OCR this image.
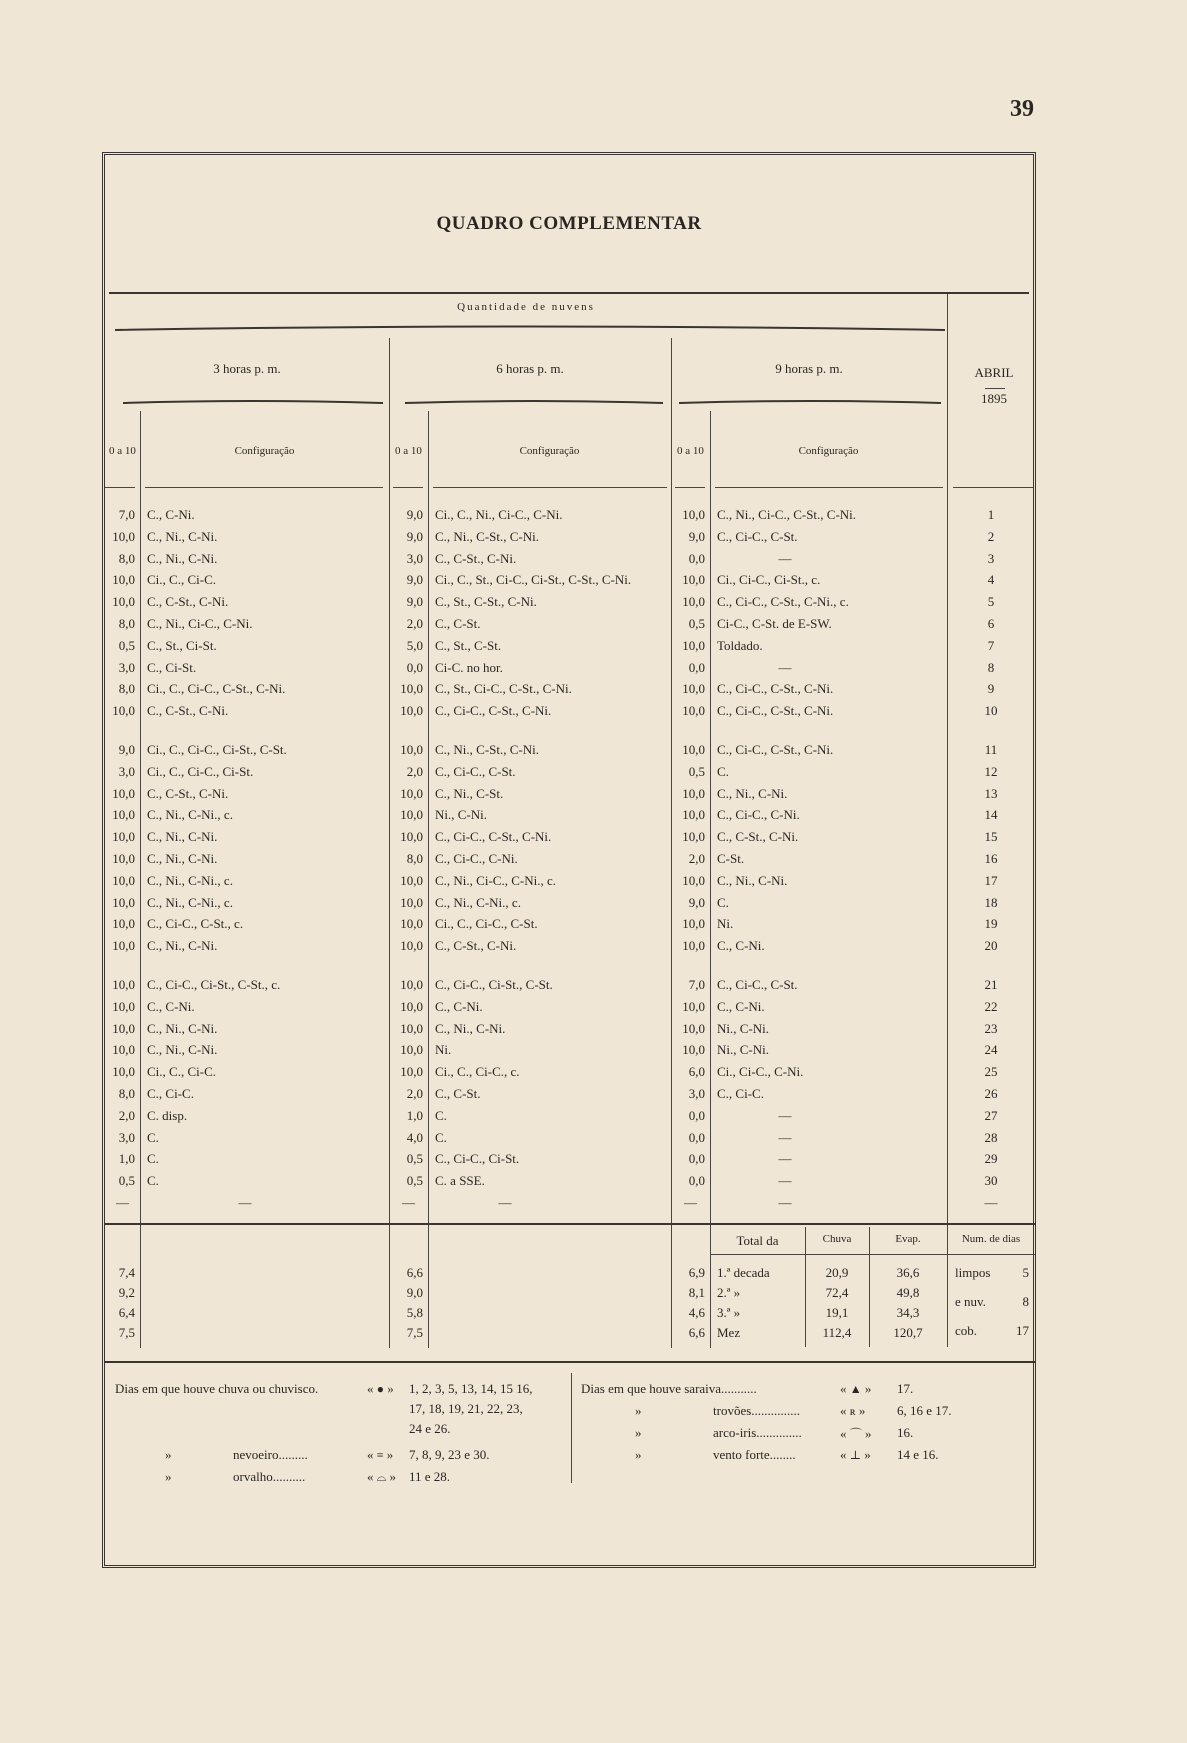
39
QUADRO COMPLEMENTAR
Quantidade de nuvens
ABRIL
1895
3 horas p. m.	6 horas p. m.	9 horas p. m.
0 a 10	Configuração	0 a 10	Configuração	0 a 10	Configuração
7,0 C., C-Ni.	9,0 Ci., C., Ni., Ci-C., C-Ni.	10,0 C., Ni., Ci-C., C-St., C-Ni.	1
10,0 C., Ni., C-Ni.	9,0 C., Ni., C-St., C-Ni.	9,0 C., Ci-C., C-St.	2
8,0 C., Ni., C-Ni.	3,0 C., C-St., C-Ni.	0,0	—	3
10,0 Ci., C., Ci-C.	9,0 Ci., C., St., Ci-C., Ci-St., C-St., C-Ni.	10,0 Ci., Ci-C., Ci-St., c.	4
10,0 C., C-St., C-Ni.	9,0 C., St., C-St., C-Ni.	10,0 C., Ci-C., C-St., C-Ni., c.	5
8,0 C., Ni., Ci-C., C-Ni.	2,0 C., C-St.	0,5 Ci-C., C-St. de E-SW.	6
0,5 C., St., Ci-St.	5,0 C., St., C-St.	10,0 Toldado.	7
3,0 C., Ci-St.	0,0 Ci-C. no hor.	0,0	—	8
8,0 Ci., C., Ci-C., C-St., C-Ni.	10,0 C., St., Ci-C., C-St., C-Ni.	10,0 C., Ci-C., C-St., C-Ni.	9
10,0 C., C-St., C-Ni.	10,0 C., Ci-C., C-St., C-Ni.	10,0 C., Ci-C., C-St., C-Ni.	10
9,0 Ci., C., Ci-C., Ci-St., C-St.	10,0 C., Ni., C-St., C-Ni.	10,0 C., Ci-C., C-St., C-Ni.	11
3,0 Ci., C., Ci-C., Ci-St.	2,0 C., Ci-C., C-St.	0,5 C.	12
10,0 C., C-St., C-Ni.	10,0 C., Ni., C-St.	10,0 C., Ni., C-Ni.	13
10,0 C., Ni., C-Ni., c.	10,0 Ni., C-Ni.	10,0 C., Ci-C., C-Ni.	14
10,0 C., Ni., C-Ni.	10,0 C., Ci-C., C-St., C-Ni.	10,0 C., C-St., C-Ni.	15
10,0 C., Ni., C-Ni.	8,0 C., Ci-C., C-Ni.	2,0 C-St.	16
10,0 C., Ni., C-Ni., c.	10,0 C., Ni., Ci-C., C-Ni., c.	10,0 C., Ni., C-Ni.	17
10,0 C., Ni., C-Ni., c.	10,0 C., Ni., C-Ni., c.	9,0 C.	18
10,0 C., Ci-C., C-St., c.	10,0 Ci., C., Ci-C., C-St.	10,0 Ni.	19
10,0 C., Ni., C-Ni.	10,0 C., C-St., C-Ni.	10,0 C., C-Ni.	20
10,0 C., Ci-C., Ci-St., C-St., c.	10,0 C., Ci-C., Ci-St., C-St.	7,0 C., Ci-C., C-St.	21
10,0 C., C-Ni.	10,0 C., C-Ni.	10,0 C., C-Ni.	22
10,0 C., Ni., C-Ni.	10,0 C., Ni., C-Ni.	10,0 Ni., C-Ni.	23
10,0 C., Ni., C-Ni.	10,0 Ni.	10,0 Ni., C-Ni.	24
10,0 Ci., C., Ci-C.	10,0 Ci., C., Ci-C., c.	6,0 Ci., Ci-C., C-Ni.	25
8,0 C., Ci-C.	2,0 C., C-St.	3,0 C., Ci-C.	26
2,0 C. disp.	1,0 C.	0,0	—	27
3,0 C.	4,0 C.	0,0	—	28
1,0 C.	0,5 C., Ci-C., Ci-St.	0,0	—	29
0,5 C.	0,5 C. a SSE.	0,0	—	30
—	—	—	—	—	—	—
Total da	Chuva	Evap.	Num. de dias
7,4	6,6	6,9 1.ª decada	20,9	36,6
9,2	9,0	8,1 2.ª »	72,4	49,8
6,4	5,8	4,6 3.ª »	19,1	34,3
7,5	7,5	6,6 Mez	112,4	120,7
limpos	5
e nuv.	8
cob.	17
Dias em que houve chuva ou chuvisco.	« ● » 1, 2, 3, 5, 13, 14, 15 16,
17, 18, 19, 21, 22, 23,
24 e 26.
»	nevoeiro.........	« ≡ » 7, 8, 9, 23 e 30.
»	orvalho..........	« ⌓ » 11 e 28.
Dias em que houve saraiva...........	« ▲ » 17.
»	trovões...............	« ʀ » 6, 16 e 17.
»	arco-iris..............	« ⌒ » 16.
»	vento forte........	« ⊥ » 14 e 16.
